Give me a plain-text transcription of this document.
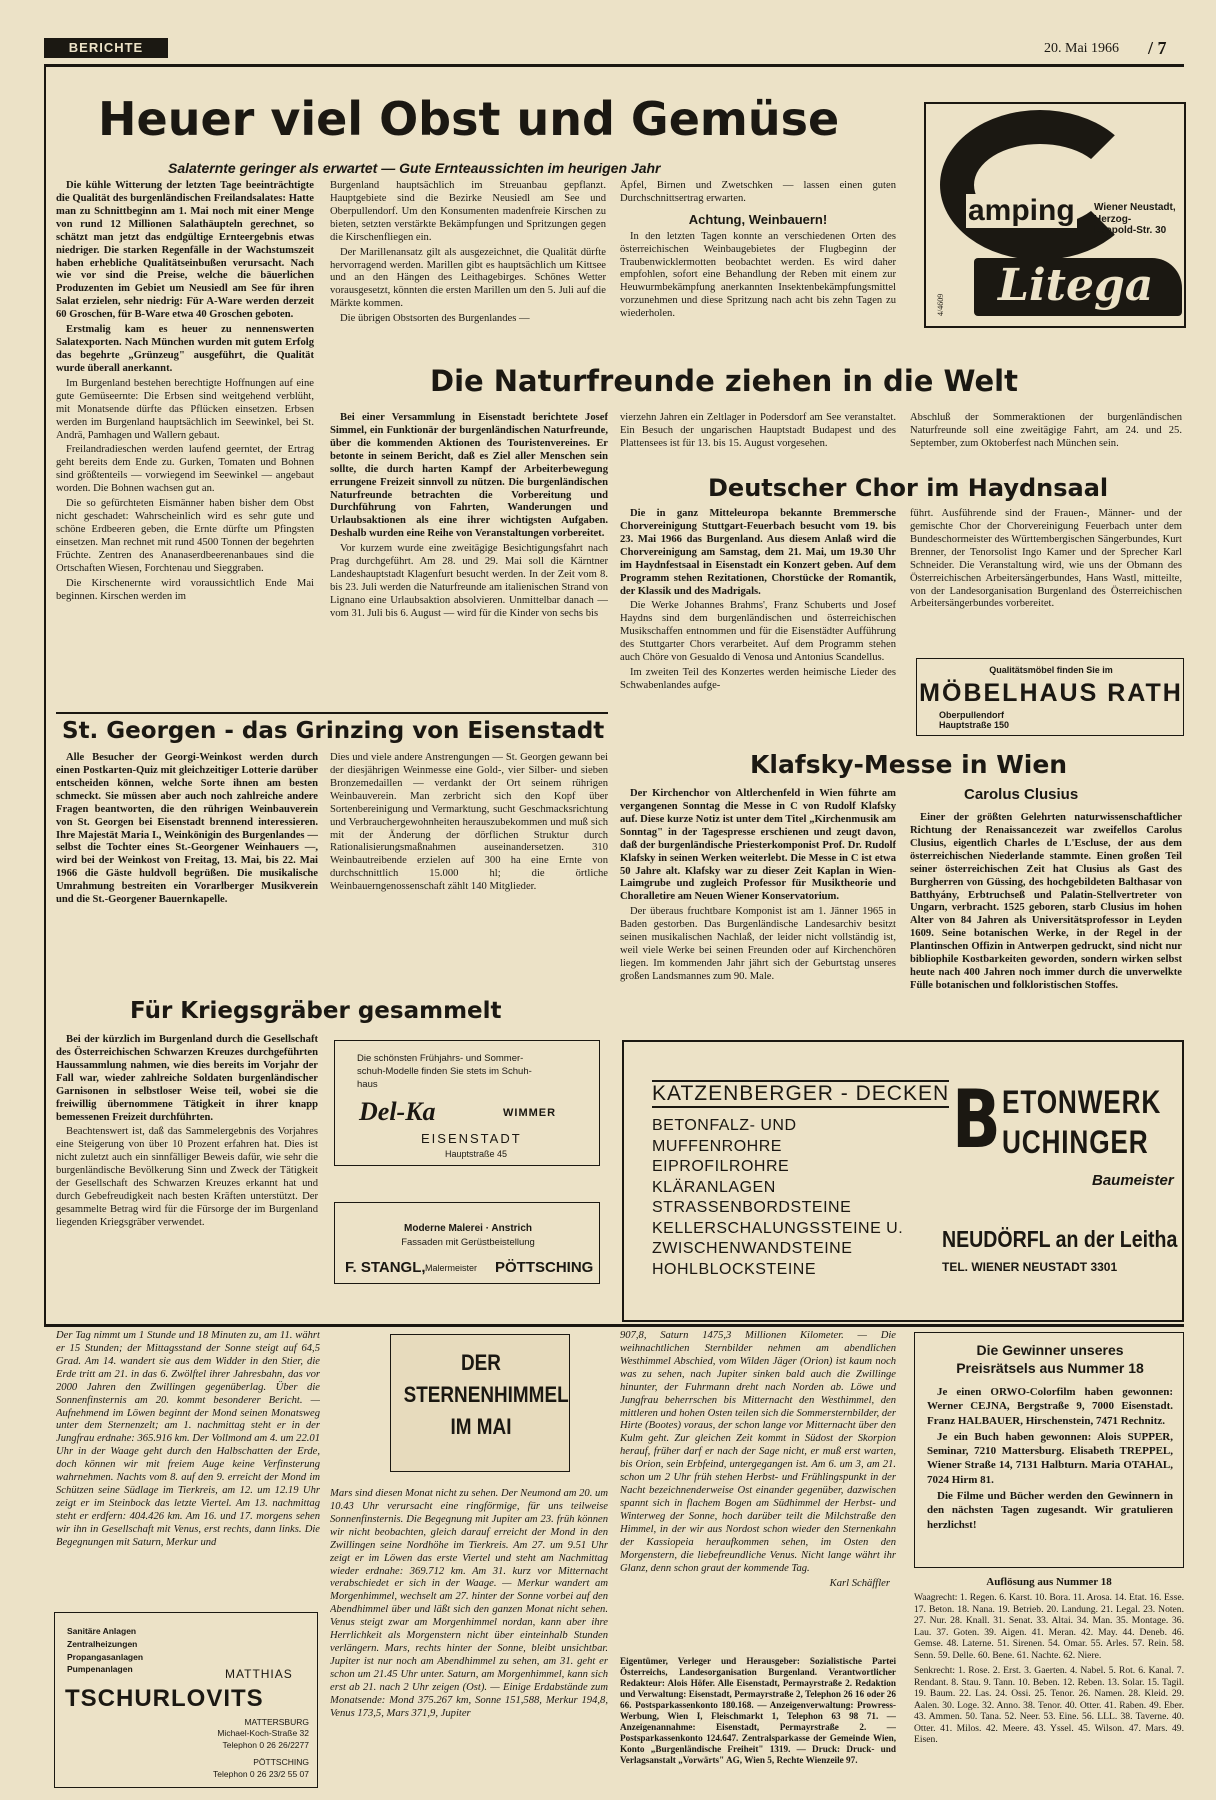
BERICHTE	20. Mai 1966 / 7
Heuer viel Obst und Gemüse
Salaternte geringer als erwartet — Gute Ernteaussichten im heurigen Jahr

Die kühle Witterung der letzten Tage beeinträchtigte die Qualität des burgenländischen Freilandsalates: Hatte man zu Schnittbeginn am 1. Mai noch mit einer Menge von rund 12 Millionen Salathäupteln gerechnet, so schätzt man jetzt das endgültige Ernteergebnis etwas niedriger. Die starken Regenfälle in der Wachstumszeit haben erhebliche Qualitätseinbußen verursacht. Nach wie vor sind die Preise, welche die bäuerlichen Produzenten im Gebiet um Neusiedl am See für ihren Salat erzielen, sehr niedrig: Für A-Ware werden derzeit 60 Groschen, für B-Ware etwa 40 Groschen geboten.

Erstmalig kam es heuer zu nennenswerten Salatexporten. Nach München wurden mit gutem Erfolg das begehrte „Grünzeug" ausgeführt, die Qualität wurde überall anerkannt.

Im Burgenland bestehen berechtigte Hoffnungen auf eine gute Gemüseernte: Die Erbsen sind weitgehend verblüht, mit Monatsende dürfte das Pflücken einsetzen. Erbsen werden im Burgenland hauptsächlich im Seewinkel, bei St. Andrä, Pamhagen und Wallern gebaut.

Freilandradieschen werden laufend geerntet, der Ertrag geht bereits dem Ende zu. Gurken, Tomaten und Bohnen sind größtenteils — vorwiegend im Seewinkel — angebaut worden. Die Bohnen wachsen gut an.

Die so gefürchteten Eismänner haben bisher dem Obst nicht geschadet: Wahrscheinlich wird es sehr gute und schöne Erdbeeren geben, die Ernte dürfte um Pfingsten einsetzen. Man rechnet mit rund 4500 Tonnen der begehrten Früchte. Zentren des Ananaserdbeerenanbaues sind die Ortschaften Wiesen, Forchtenau und Sieggraben.

Die Kirschenernte wird voraussichtlich Ende Mai beginnen. Kirschen werden im

Burgenland hauptsächlich im Streuanbau gepflanzt. Hauptgebiete sind die Bezirke Neusiedl am See und Oberpullendorf. Um den Konsumenten madenfreie Kirschen zu bieten, setzten verstärkte Bekämpfungen und Spritzungen gegen die Kirschenfliegen ein.

Der Marillenansatz gilt als ausgezeichnet, die Qualität dürfte hervorragend werden. Marillen gibt es hauptsächlich um Kittsee und an den Hängen des Leithagebirges. Schönes Wetter vorausgesetzt, könnten die ersten Marillen um den 5. Juli auf die Märkte kommen.

Die übrigen Obstsorten des Burgenlandes —

Äpfel, Birnen und Zwetschken — lassen einen guten Durchschnittsertrag erwarten.

Achtung, Weinbauern!

In den letzten Tagen konnte an verschiedenen Orten des österreichischen Weinbaugebietes der Flugbeginn der Traubenwicklermotten beobachtet werden. Es wird daher empfohlen, sofort eine Behandlung der Reben mit einem zur Heuwurmbekämpfung anerkannten Insektenbekämpfungsmittel vorzunehmen und diese Spritzung nach acht bis zehn Tagen zu wiederholen.

amping Wiener Neustadt,
Herzog-
Leopold-Str. 30
Litega
4/4609
Die Naturfreunde ziehen in die Welt

Bei einer Versammlung in Eisenstadt berichtete Josef Simmel, ein Funktionär der burgenländischen Naturfreunde, über die kommenden Aktionen des Touristenvereines. Er betonte in seinem Bericht, daß es Ziel aller Menschen sein sollte, die durch harten Kampf der Arbeiterbewegung errungene Freizeit sinnvoll zu nützen. Die burgenländischen Naturfreunde betrachten die Vorbereitung und Durchführung von Fahrten, Wanderungen und Urlaubsaktionen als eine ihrer wichtigsten Aufgaben. Deshalb wurden eine Reihe von Veranstaltungen vorbereitet.

Vor kurzem wurde eine zweitägige Besichtigungsfahrt nach Prag durchgeführt. Am 28. und 29. Mai soll die Kärntner Landeshauptstadt Klagenfurt besucht werden. In der Zeit vom 8. bis 23. Juli werden die Naturfreunde am italienischen Strand von Lignano eine Urlaubsaktion absolvieren. Unmittelbar danach — vom 31. Juli bis 6. August — wird für die Kinder von sechs bis

vierzehn Jahren ein Zeltlager in Podersdorf am See veranstaltet. Ein Besuch der ungarischen Hauptstadt Budapest und des Plattensees ist für 13. bis 15. August vorgesehen.

Abschluß der Sommeraktionen der burgenländischen Naturfreunde soll eine zweitägige Fahrt, am 24. und 25. September, zum Oktoberfest nach München sein.

Deutscher Chor im Haydnsaal

Die in ganz Mitteleuropa bekannte Bremmersche Chorvereinigung Stuttgart-Feuerbach besucht vom 19. bis 23. Mai 1966 das Burgenland. Aus diesem Anlaß wird die Chorvereinigung am Samstag, dem 21. Mai, um 19.30 Uhr im Haydnfestsaal in Eisenstadt ein Konzert geben. Auf dem Programm stehen Rezitationen, Chorstücke der Romantik, der Klassik und des Madrigals.

Die Werke Johannes Brahms', Franz Schuberts und Josef Haydns sind dem burgenländischen und österreichischen Musikschaffen entnommen und für die Eisenstädter Aufführung des Stuttgarter Chors verarbeitet. Auf dem Programm stehen auch Chöre von Gesualdo di Venosa und Antonius Scandellus.

Im zweiten Teil des Konzertes werden heimische Lieder des Schwabenlandes aufge-

führt. Ausführende sind der Frauen-, Männer- und der gemischte Chor der Chorvereinigung Feuerbach unter dem Bundeschormeister des Württembergischen Sängerbundes, Kurt Brenner, der Tenorsolist Ingo Kamer und der Sprecher Karl Schneider. Die Veranstaltung wird, wie uns der Obmann des Österreichischen Arbeitersängerbundes, Hans Wastl, mitteilte, von der Landesorganisation Burgenland des Österreichischen Arbeitersängerbundes vorbereitet.

Qualitätsmöbel finden Sie im
MÖBELHAUS RATH
Oberpullendorf
Hauptstraße 150
St. Georgen - das Grinzing von Eisenstadt

Alle Besucher der Georgi-Weinkost werden durch einen Postkarten-Quiz mit gleichzeitiger Lotterie darüber entscheiden können, welche Sorte ihnen am besten schmeckt. Sie müssen aber auch noch zahlreiche andere Fragen beantworten, die den rührigen Weinbauverein von St. Georgen bei Eisenstadt brennend interessieren. Ihre Majestät Maria I., Weinkönigin des Burgenlandes — selbst die Tochter eines St.-Georgener Weinhauers —, wird bei der Weinkost von Freitag, 13. Mai, bis 22. Mai 1966 die Gäste huldvoll begrüßen. Die musikalische Umrahmung bestreiten ein Vorarlberger Musikverein und die St.-Georgener Bauernkapelle.

Dies und viele andere Anstrengungen — St. Georgen gewann bei der diesjährigen Weinmesse eine Gold-, vier Silber- und sieben Bronzemedaillen — verdankt der Ort seinem rührigen Weinbauverein. Man zerbricht sich den Kopf über Sortenbereinigung und Vermarktung, sucht Geschmacksrichtung und Verbrauchergewohnheiten herauszubekommen und muß sich mit der Änderung der dörflichen Struktur durch Rationalisierungsmaßnahmen auseinandersetzen. 310 Weinbautreibende erzielen auf 300 ha eine Ernte von durchschnittlich 15.000 hl; die örtliche Weinbauerngenossenschaft zählt 140 Mitglieder.

Klafsky-Messe in Wien

Der Kirchenchor von Altlerchenfeld in Wien führte am vergangenen Sonntag die Messe in C von Rudolf Klafsky auf. Diese kurze Notiz ist unter dem Titel „Kirchenmusik am Sonntag" in der Tagespresse erschienen und zeugt davon, daß der burgenländische Priesterkomponist Prof. Dr. Rudolf Klafsky in seinen Werken weiterlebt. Die Messe in C ist etwa 50 Jahre alt. Klafsky war zu dieser Zeit Kaplan in Wien-Laimgrube und zugleich Professor für Musiktheorie und Choralletire am Neuen Wiener Konservatorium.

Der überaus fruchtbare Komponist ist am 1. Jänner 1965 in Baden gestorben. Das Burgenländische Landesarchiv besitzt seinen musikalischen Nachlaß, der leider nicht vollständig ist, weil viele Werke bei seinen Freunden oder auf Kirchenchören liegen. Im kommenden Jahr jährt sich der Geburtstag unseres großen Landsmannes zum 90. Male.

Carolus Clusius

Einer der größten Gelehrten naturwissenschaftlicher Richtung der Renaissancezeit war zweifellos Carolus Clusius, eigentlich Charles de L'Escluse, der aus dem österreichischen Niederlande stammte. Einen großen Teil seiner österreichischen Zeit hat Clusius als Gast des Burgherren von Güssing, des hochgebildeten Balthasar von Batthyány, Erbtruchseß und Palatin-Stellvertreter von Ungarn, verbracht. 1525 geboren, starb Clusius im hohen Alter von 84 Jahren als Universitätsprofessor in Leyden 1609. Seine botanischen Werke, in der Regel in der Plantinschen Offizin in Antwerpen gedruckt, sind nicht nur bibliophile Kostbarkeiten geworden, sondern wirken selbst heute nach 400 Jahren noch immer durch die unverwelkte Fülle botanischen und folkloristischen Stoffes.

Für Kriegsgräber gesammelt

Bei der kürzlich im Burgenland durch die Gesellschaft des Österreichischen Schwarzen Kreuzes durchgeführten Haussammlung nahmen, wie dies bereits im Vorjahr der Fall war, wieder zahlreiche Soldaten burgenländischer Garnisonen in selbstloser Weise teil, wobei sie die freiwillig übernommene Tätigkeit in ihrer knapp bemessenen Freizeit durchführten.

Beachtenswert ist, daß das Sammelergebnis des Vorjahres eine Steigerung von über 10 Prozent erfahren hat. Dies ist nicht zuletzt auch ein sinnfälliger Beweis dafür, wie sehr die burgenländische Bevölkerung Sinn und Zweck der Tätigkeit der Gesellschaft des Schwarzen Kreuzes erkannt hat und durch Gebefreudigkeit nach besten Kräften unterstützt. Der gesammelte Betrag wird für die Fürsorge der im Burgenland liegenden Kriegsgräber verwendet.

Die schönsten Frühjahrs- und Sommer-
schuh-Modelle finden Sie stets im Schuh-
haus
Del-Ka	WIMMER
EISENSTADT
Hauptstraße 45
Moderne Malerei · Anstrich
Fassaden mit Gerüstbeistellung
F. STANGL, Malermeister PÖTTSCHING
KATZENBERGER - DECKEN
BETONFALZ- UND
MUFFENROHRE
EIPROFILROHRE
KLÄRANLAGEN
STRASSENBORDSTEINE
KELLERSCHALUNGSSTEINE U.
ZWISCHENWANDSTEINE
HOHLBLOCKSTEINE
B ETONWERK
UCHINGER
Baumeister
NEUDÖRFL an der Leitha
TEL. WIENER NEUSTADT 3301

Der Tag nimmt um 1 Stunde und 18 Minuten zu, am 11. währt er 15 Stunden; der Mittagsstand der Sonne steigt auf 64,5 Grad. Am 14. wandert sie aus dem Widder in den Stier, die Erde tritt am 21. in das 6. Zwölftel ihrer Jahresbahn, das vor 2000 Jahren den Zwillingen gegenüberlag. Über die Sonnenfinsternis am 20. kommt besonderer Bericht. — Aufnehmend im Löwen beginnt der Mond seinen Monatsweg unter dem Sternenzelt; am 1. nachmittag steht er in der Jungfrau erdnahe: 365.916 km. Der Vollmond am 4. um 22.01 Uhr in der Waage geht durch den Halbschatten der Erde, doch können wir mit freiem Auge keine Verfinsterung wahrnehmen. Nachts vom 8. auf den 9. erreicht der Mond im Schützen seine Südlage im Tierkreis, am 12. um 12.19 Uhr zeigt er im Steinbock das letzte Viertel. Am 13. nachmittag steht er erdfern: 404.426 km. Am 16. und 17. morgens sehen wir ihn in Gesellschaft mit Venus, erst rechts, dann links. Die Begegnungen mit Saturn, Merkur und

DER
STERNENHIMMEL
IM MAI

Mars sind diesen Monat nicht zu sehen. Der Neumond am 20. um 10.43 Uhr verursacht eine ringförmige, für uns teilweise Sonnenfinsternis. Die Begegnung mit Jupiter am 23. früh können wir nicht beobachten, gleich darauf erreicht der Mond in den Zwillingen seine Nordhöhe im Tierkreis. Am 27. um 9.51 Uhr zeigt er im Löwen das erste Viertel und steht am Nachmittag wieder erdnahe: 369.712 km. Am 31. kurz vor Mitternacht verabschiedet er sich in der Waage. — Merkur wandert am Morgenhimmel, wechselt am 27. hinter der Sonne vorbei auf den Abendhimmel über und läßt sich den ganzen Monat nicht sehen. Venus steigt zwar am Morgenhimmel nordan, kann aber ihre Herrlichkeit als Morgenstern nicht über einteinhalb Stunden verlängern. Mars, rechts hinter der Sonne, bleibt unsichtbar. Jupiter ist nur noch am Abendhimmel zu sehen, am 31. geht er schon um 21.45 Uhr unter. Saturn, am Morgenhimmel, kann sich erst ab 21. nach 2 Uhr zeigen (Ost). — Einige Erdabstände zum Monatsende: Mond 375.267 km, Sonne 151,588, Merkur 194,8, Venus 173,5, Mars 371,9, Jupiter

907,8, Saturn 1475,3 Millionen Kilometer. — Die weihnachtlichen Sternbilder nehmen am abendlichen Westhimmel Abschied, vom Wilden Jäger (Orion) ist kaum noch was zu sehen, nach Jupiter sinken bald auch die Zwillinge hinunter, der Fuhrmann dreht nach Norden ab. Löwe und Jungfrau beherrschen bis Mitternacht den Westhimmel, den mittleren und hohen Osten teilen sich die Sommersternbilder, der Hirte (Bootes) voraus, der schon lange vor Mitternacht über den Kulm geht. Zur gleichen Zeit kommt in Südost der Skorpion herauf, früher darf er nach der Sage nicht, er muß erst warten, bis Orion, sein Erbfeind, untergegangen ist. Am 6. um 3, am 21. schon um 2 Uhr früh stehen Herbst- und Frühlingspunkt in der Nacht bezeichnenderweise Ost einander gegenüber, dazwischen spannt sich in flachem Bogen am Südhimmel der Herbst- und Winterweg der Sonne, hoch darüber teilt die Milchstraße den Himmel, in der wir aus Nordost schon wieder den Sternenkahn der Kassiopeia heraufkommen sehen, im Osten den Morgenstern, die liebefreundliche Venus. Nicht lange währt ihr Glanz, denn schon graut der kommende Tag.

Karl Schäffler
Sanitäre Anlagen
Zentralheizungen
Propangasanlagen
Pumpenanlagen	MATTHIAS
TSCHURLOVITS
MATTERSBURG
Michael-Koch-Straße 32
Telephon 0 26 26/2277
PÖTTSCHING
Telephon 0 26 23/2 55 07

Eigentümer, Verleger und Herausgeber: Sozialistische Partei Österreichs, Landesorganisation Burgenland. Verantwortlicher Redakteur: Alois Höfer. Alle Eisenstadt, Permayrstraße 2. Redaktion und Verwaltung: Eisenstadt, Permayrstraße 2, Telephon 26 16 oder 26 66. Postsparkassenkonto 180.168. — Anzeigenverwaltung: Prowress-Werbung, Wien I, Fleischmarkt 1, Telephon 63 98 71. — Anzeigenannahme: Eisenstadt, Permayrstraße 2. — Postsparkassenkonto 124.647. Zentralsparkasse der Gemeinde Wien, Konto „Burgenländische Freiheit" 1319. — Druck: Druck- und Verlagsanstalt „Vorwärts" AG, Wien 5, Rechte Wienzeile 97.

Die Gewinner unseres
Preisrätsels aus Nummer 18

Je einen ORWO-Colorfilm haben gewonnen: Werner CEJNA, Bergstraße 9, 7000 Eisenstadt. Franz HALBAUER, Hirschenstein, 7471 Rechnitz.

Je ein Buch haben gewonnen: Alois SUPPER, Seminar, 7210 Mattersburg. Elisabeth TREPPEL, Wiener Straße 14, 7131 Halbturn. Maria OTAHAL, 7024 Hirm 81.

Die Filme und Bücher werden den Gewinnern in den nächsten Tagen zugesandt. Wir gratulieren herzlichst!

Auflösung aus Nummer 18

Waagrecht: 1. Regen. 6. Karst. 10. Bora. 11. Arosa. 14. Etat. 16. Esse. 17. Beton. 18. Nana. 19. Betrieb. 20. Landung. 21. Legal. 23. Noten. 27. Nur. 28. Knall. 31. Senat. 33. Altai. 34. Man. 35. Montage. 36. Lau. 37. Goten. 39. Aigen. 41. Meran. 42. May. 44. Deneb. 46. Gemse. 48. Laterne. 51. Sirenen. 54. Omar. 55. Arles. 57. Rein. 58. Senn. 59. Delle. 60. Bene. 61. Nachte. 62. Niere.

Senkrecht: 1. Rose. 2. Erst. 3. Gaerten. 4. Nabel. 5. Rot. 6. Kanal. 7. Rendant. 8. Stau. 9. Tann. 10. Beben. 12. Reben. 13. Solar. 15. Tagil. 19. Baum. 22. Las. 24. Ossi. 25. Tenor. 26. Namen. 28. Kleid. 29. Aalen. 30. Loge. 32. Anno. 38. Tenor. 40. Otter. 41. Raben. 49. Eber. 43. Ammen. 50. Tana. 52. Neer. 53. Eine. 56. LLL. 38. Taverne. 40. Otter. 41. Milos. 42. Meere. 43. Yssel. 45. Wilson. 47. Mars. 49. Eisen.
